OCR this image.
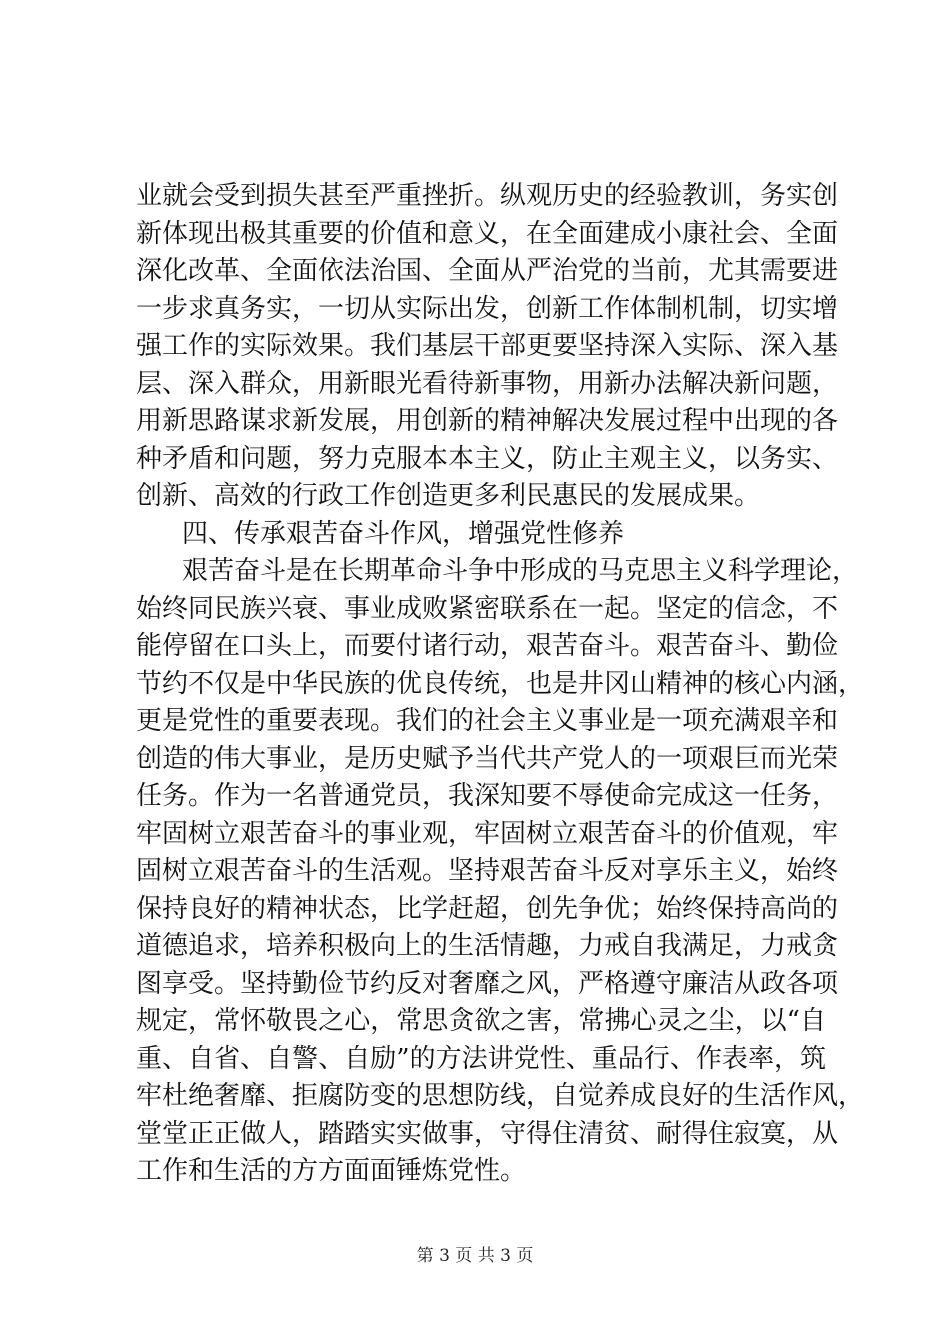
业就会受到损失甚至严重挫折。纵观历史的经验教训，务实创
新体现出极其重要的价值和意义，在全面建成小康社会、全面
深化改革、全面依法治国、全面从严治党的当前，尤其需要进
一步求真务实，一切从实际出发，创新工作体制机制，切实增
强工作的实际效果。我们基层干部更要坚持深入实际、深入基
层、深入群众，用新眼光看待新事物，用新办法解决新问题，
用新思路谋求新发展，用创新的精神解决发展过程中出现的各
种矛盾和问题，努力克服本本主义，防止主观主义，以务实、
创新、高效的行政工作创造更多利民惠民的发展成果。
四、传承艰苦奋斗作风，增强党性修养
艰苦奋斗是在长期革命斗争中形成的马克思主义科学理论，
始终同民族兴衰、事业成败紧密联系在一起。坚定的信念，不
能停留在口头上，而要付诸行动，艰苦奋斗。艰苦奋斗、勤俭
节约不仅是中华民族的优良传统，也是井冈山精神的核心内涵，
更是党性的重要表现。我们的社会主义事业是一项充满艰辛和
创造的伟大事业，是历史赋予当代共产党人的一项艰巨而光荣
任务。作为一名普通党员，我深知要不辱使命完成这一任务，
牢固树立艰苦奋斗的事业观，牢固树立艰苦奋斗的价值观，牢
固树立艰苦奋斗的生活观。坚持艰苦奋斗反对享乐主义，始终
保持良好的精神状态，比学赶超，创先争优；始终保持高尚的
道德追求，培养积极向上的生活情趣，力戒自我满足，力戒贪
图享受。坚持勤俭节约反对奢靡之风，严格遵守廉洁从政各项
规定，常怀敬畏之心，常思贪欲之害，常拂心灵之尘，以“自
重、自省、自警、自励”的方法讲党性、重品行、作表率，筑
牢杜绝奢靡、拒腐防变的思想防线，自觉养成良好的生活作风，
堂堂正正做人，踏踏实实做事，守得住清贫、耐得住寂寞，从
工作和生活的方方面面锤炼党性。
第 3 页 共 3 页
